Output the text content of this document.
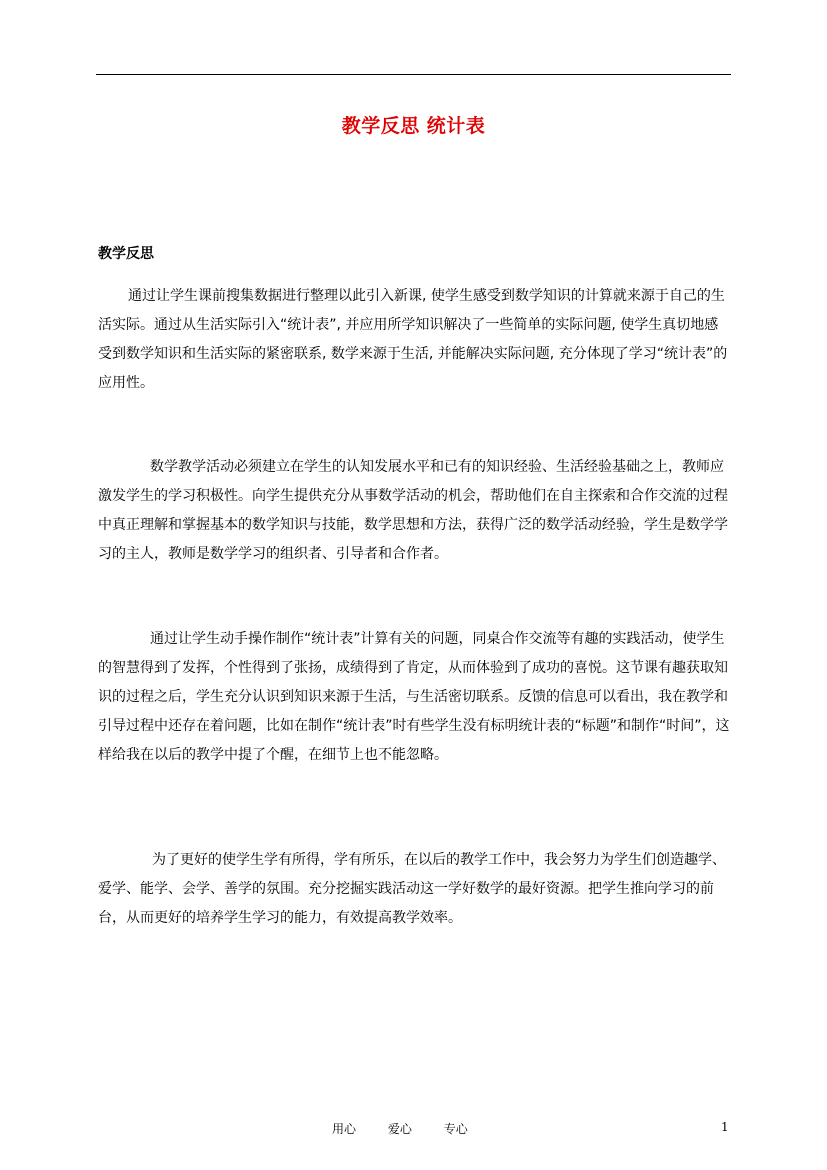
教学反思 统计表
教学反思

通过让学生课前搜集数据进行整理以此引入新课, 使学生感受到数学知识的计算就来源于自己的生活实际。通过从生活实际引入“统计表”, 并应用所学知识解决了一些简单的实际问题, 使学生真切地感受到数学知识和生活实际的紧密联系, 数学来源于生活, 并能解决实际问题, 充分体现了学习“统计表”的应用性。

数学教学活动必须建立在学生的认知发展水平和已有的知识经验、生活经验基础之上，教师应激发学生的学习积极性。向学生提供充分从事数学活动的机会，帮助他们在自主探索和合作交流的过程中真正理解和掌握基本的数学知识与技能，数学思想和方法，获得广泛的数学活动经验，学生是数学学习的主人，教师是数学学习的组织者、引导者和合作者。

通过让学生动手操作制作“统计表”计算有关的问题，同桌合作交流等有趣的实践活动，使学生的智慧得到了发挥，个性得到了张扬，成绩得到了肯定，从而体验到了成功的喜悦。这节课有趣获取知识的过程之后，学生充分认识到知识来源于生活，与生活密切联系。反馈的信息可以看出，我在教学和引导过程中还存在着问题，比如在制作“统计表”时有些学生没有标明统计表的“标题”和制作“时间”，这样给我在以后的教学中提了个醒，在细节上也不能忽略。

为了更好的使学生学有所得，学有所乐，在以后的教学工作中，我会努力为学生们创造趣学、爱学、能学、会学、善学的氛围。充分挖掘实践活动这一学好数学的最好资源。把学生推向学习的前台，从而更好的培养学生学习的能力，有效提高教学效率。

用心	爱心	专心	1
